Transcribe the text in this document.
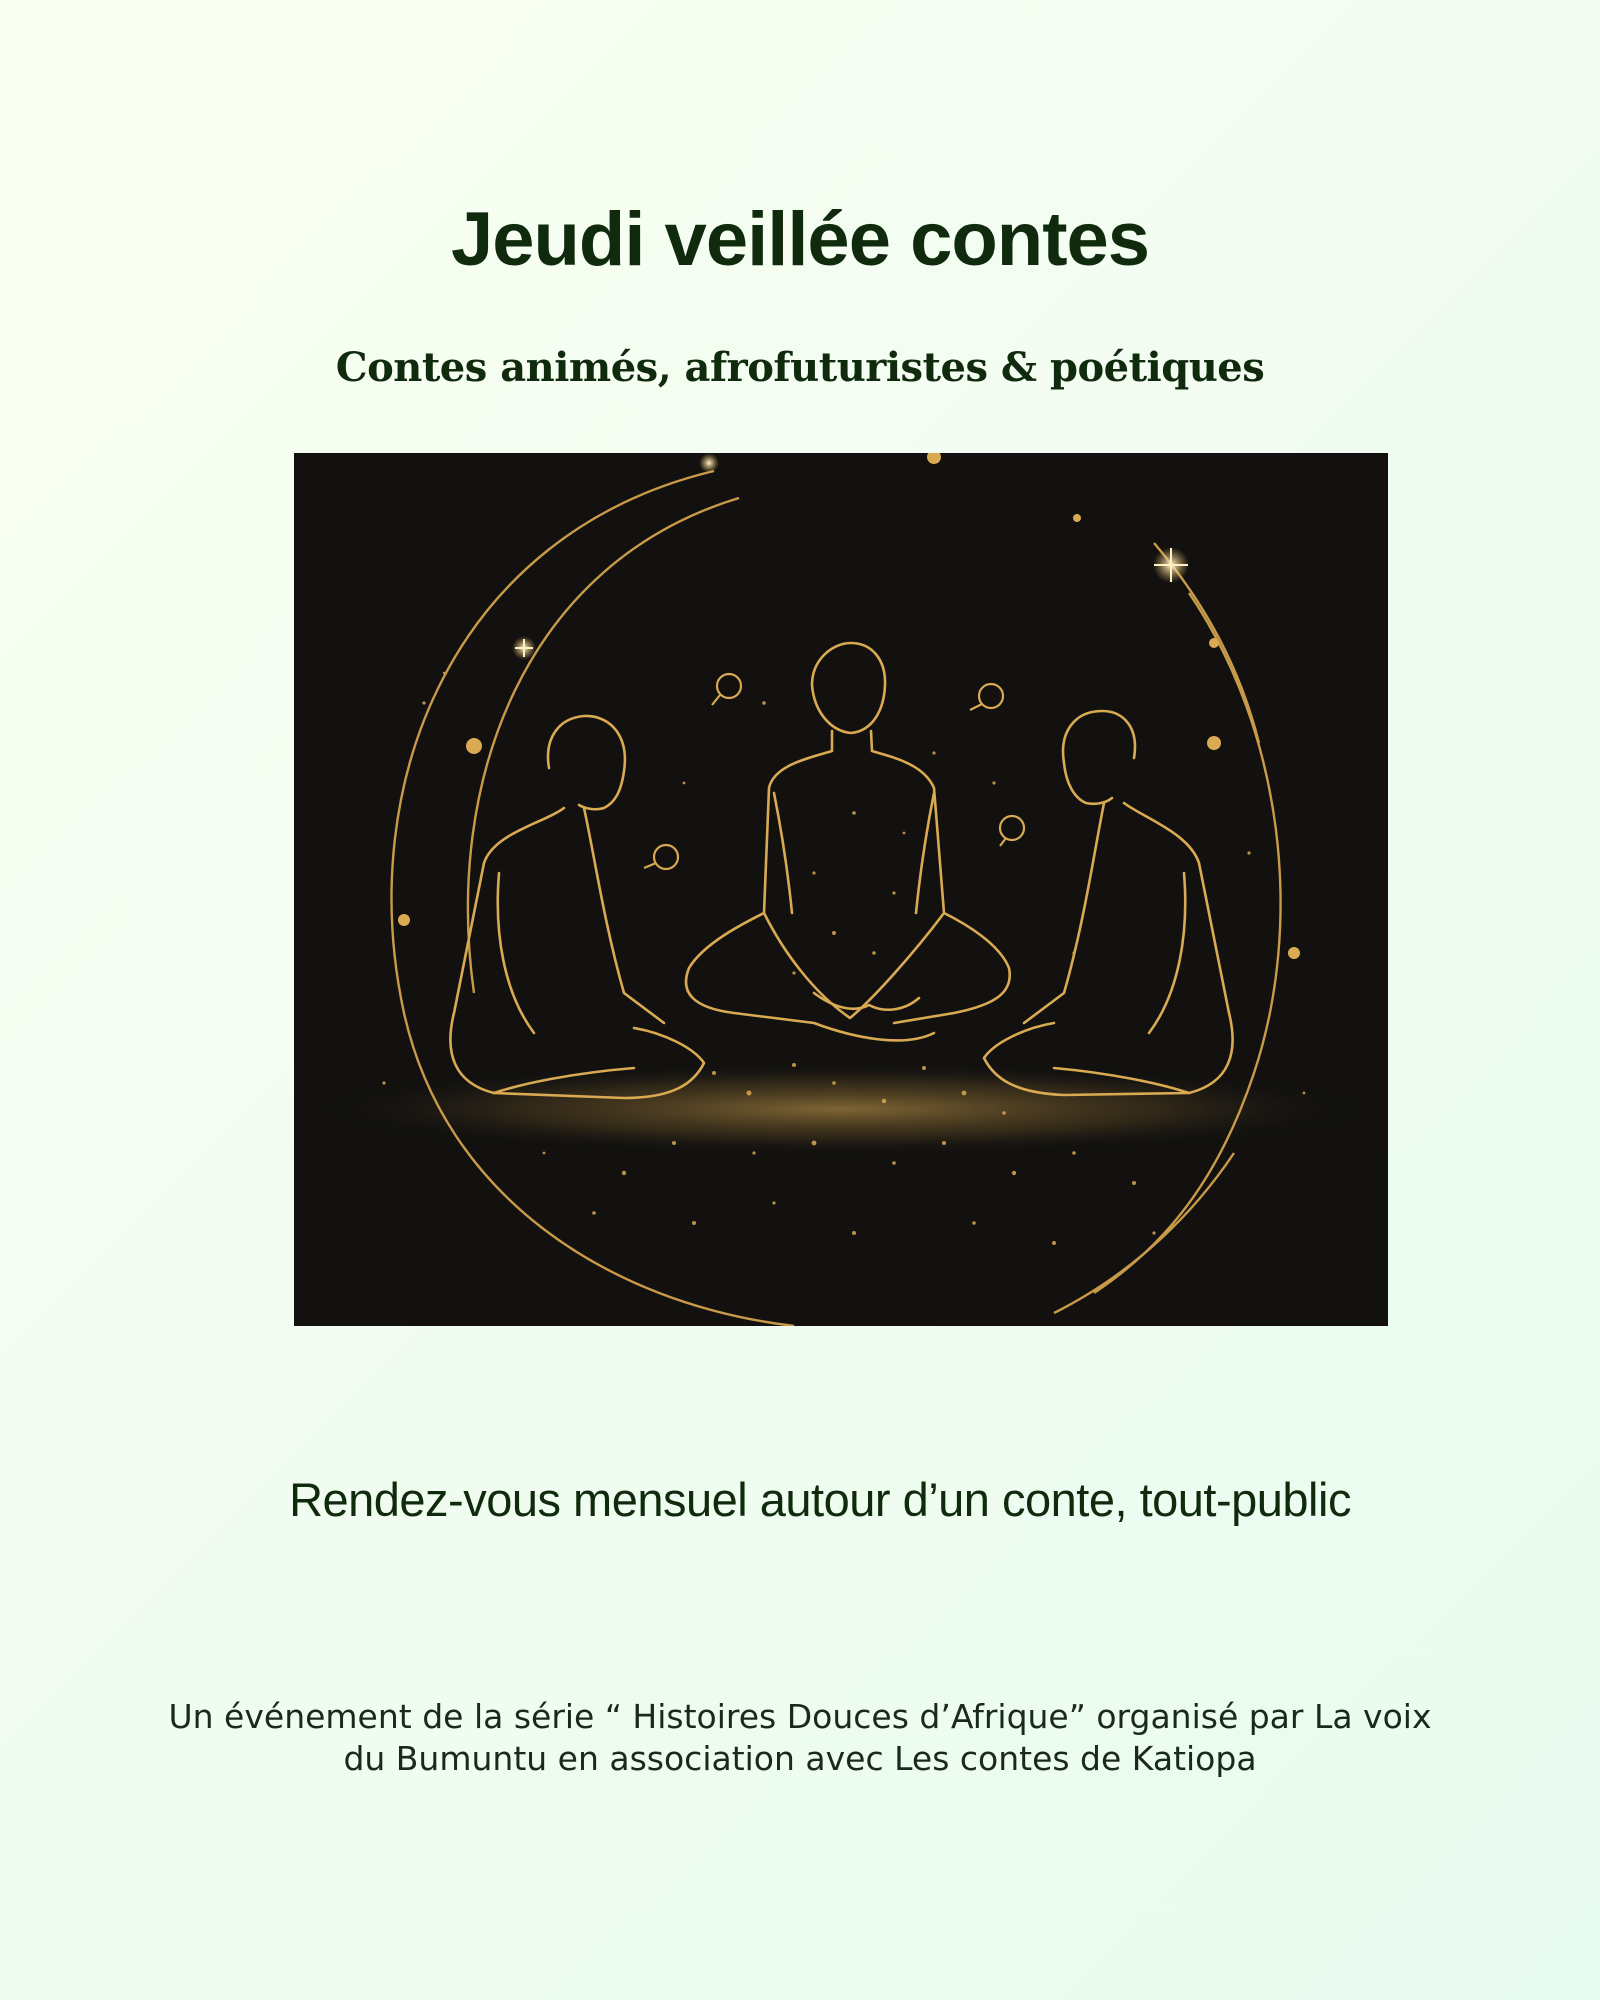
Jeudi veillée contes
Contes animés, afrofuturistes & poétiques

Rendez-vous mensuel autour d’un conte, tout-public

Un événement de la série “ Histoires Douces d’Afrique” organisé par La voix du Bumuntu en association avec Les contes de Katiopa
